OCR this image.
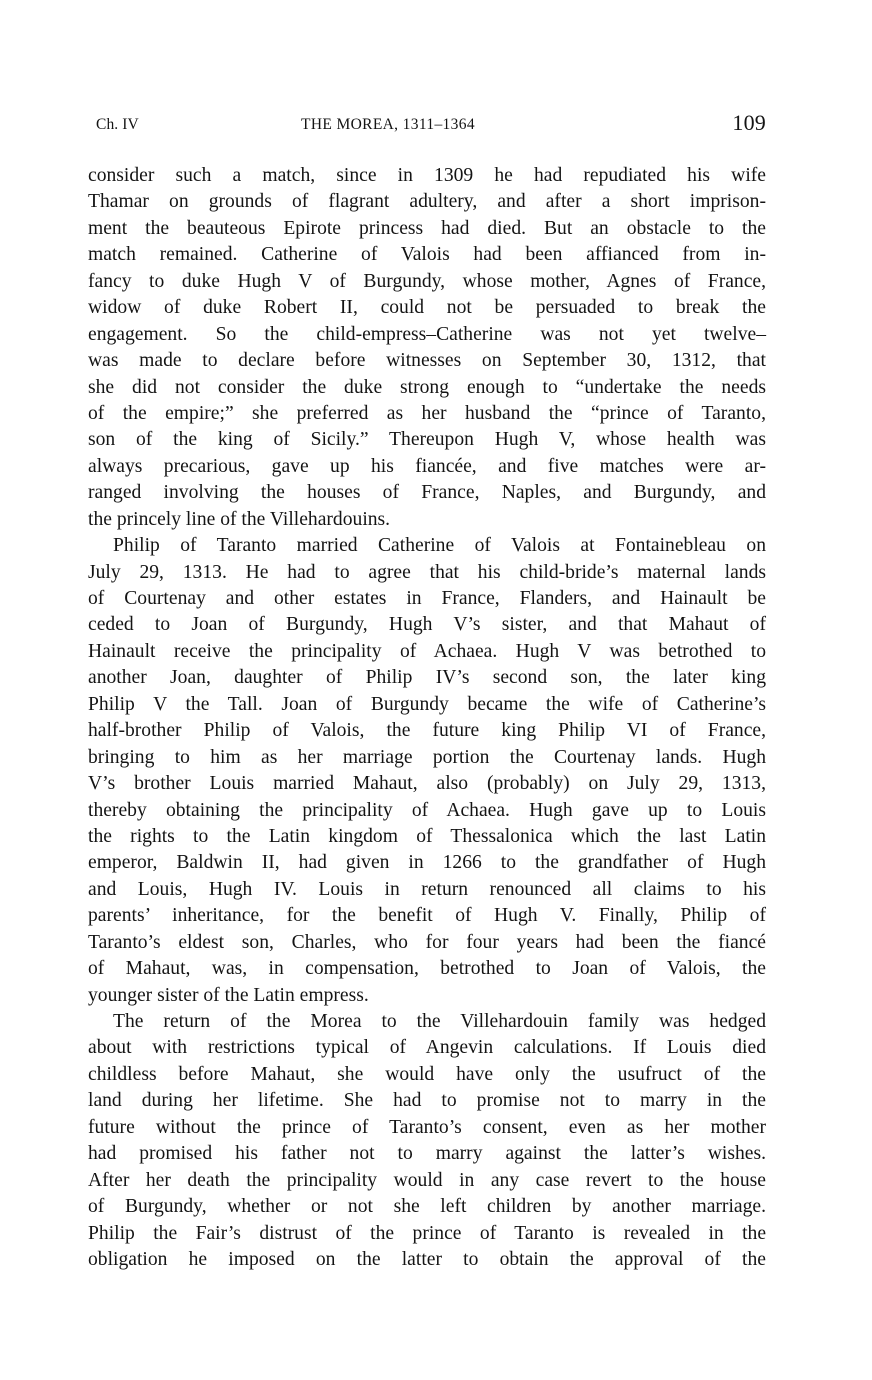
Ch. IV	THE MOREA, 1311–1364	109
consider such a match, since in 1309 he had repudiated his wife
Thamar on grounds of flagrant adultery, and after a short imprison-
ment the beauteous Epirote princess had died. But an obstacle to the
match remained. Catherine of Valois had been affianced from in-
fancy to duke Hugh V of Burgundy, whose mother, Agnes of France,
widow of duke Robert II, could not be persuaded to break the
engagement. So the child-empress–Catherine was not yet twelve–
was made to declare before witnesses on September 30, 1312, that
she did not consider the duke strong enough to “undertake the needs
of the empire;” she preferred as her husband the “prince of Taranto,
son of the king of Sicily.” Thereupon Hugh V, whose health was
always precarious, gave up his fiancée, and five matches were ar-
ranged involving the houses of France, Naples, and Burgundy, and
the princely line of the Villehardouins.
Philip of Taranto married Catherine of Valois at Fontainebleau on
July 29, 1313. He had to agree that his child-bride’s maternal lands
of Courtenay and other estates in France, Flanders, and Hainault be
ceded to Joan of Burgundy, Hugh V’s sister, and that Mahaut of
Hainault receive the principality of Achaea. Hugh V was betrothed to
another Joan, daughter of Philip IV’s second son, the later king
Philip V the Tall. Joan of Burgundy became the wife of Catherine’s
half-brother Philip of Valois, the future king Philip VI of France,
bringing to him as her marriage portion the Courtenay lands. Hugh
V’s brother Louis married Mahaut, also (probably) on July 29, 1313,
thereby obtaining the principality of Achaea. Hugh gave up to Louis
the rights to the Latin kingdom of Thessalonica which the last Latin
emperor, Baldwin II, had given in 1266 to the grandfather of Hugh
and Louis, Hugh IV. Louis in return renounced all claims to his
parents’ inheritance, for the benefit of Hugh V. Finally, Philip of
Taranto’s eldest son, Charles, who for four years had been the fiancé
of Mahaut, was, in compensation, betrothed to Joan of Valois, the
younger sister of the Latin empress.
The return of the Morea to the Villehardouin family was hedged
about with restrictions typical of Angevin calculations. If Louis died
childless before Mahaut, she would have only the usufruct of the
land during her lifetime. She had to promise not to marry in the
future without the prince of Taranto’s consent, even as her mother
had promised his father not to marry against the latter’s wishes.
After her death the principality would in any case revert to the house
of Burgundy, whether or not she left children by another marriage.
Philip the Fair’s distrust of the prince of Taranto is revealed in the
obligation he imposed on the latter to obtain the approval of the
